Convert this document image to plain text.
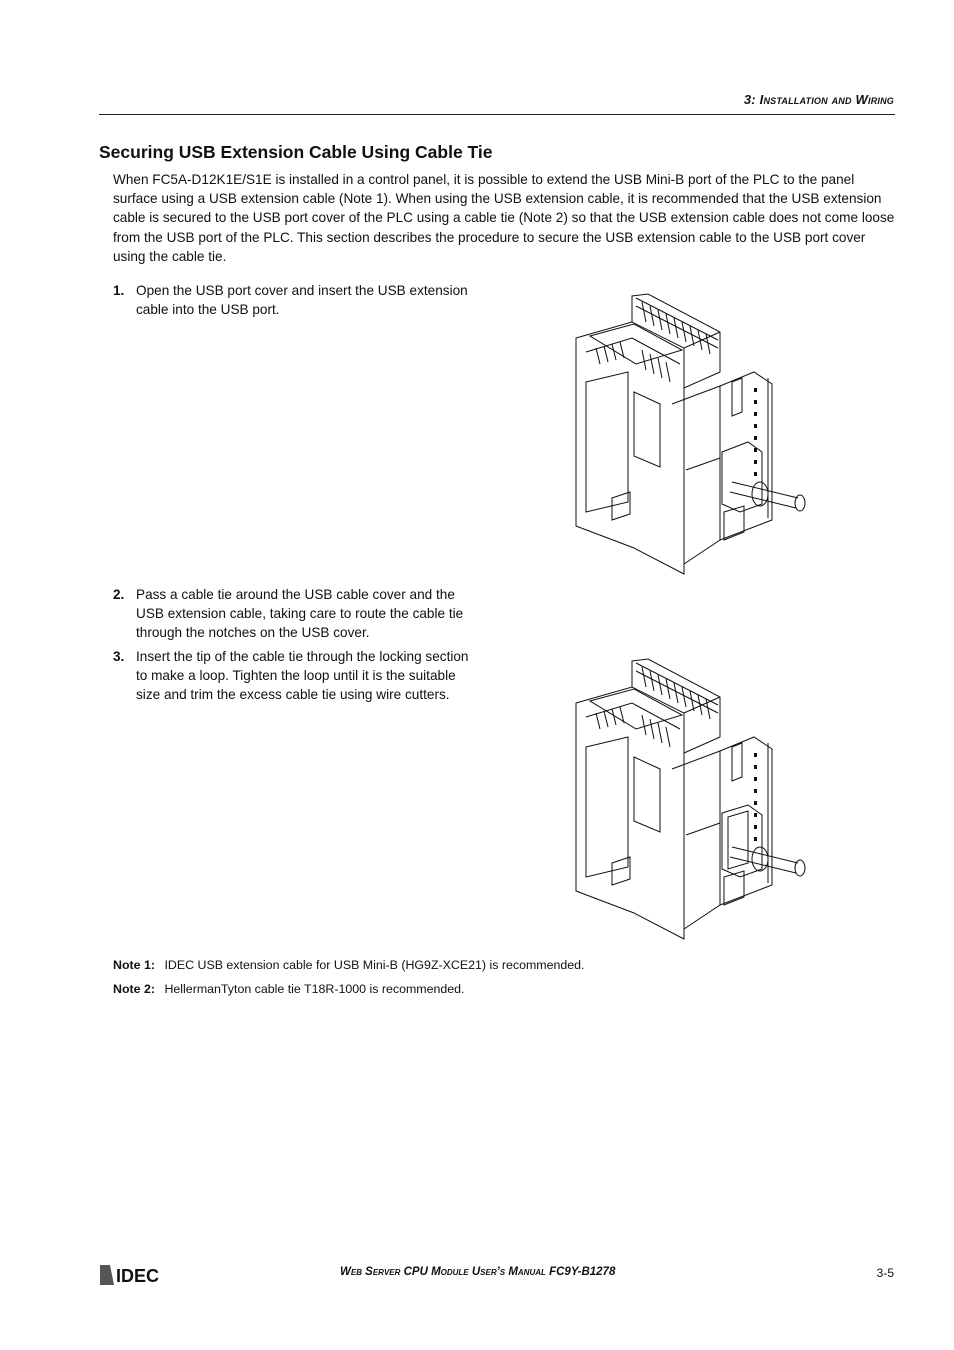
3: Installation and Wiring
Securing USB Extension Cable Using Cable Tie

When FC5A-D12K1E/S1E is installed in a control panel, it is possible to extend the USB Mini-B port of the PLC to the panel surface using a USB extension cable (Note 1). When using the USB extension cable, it is recommended that the USB extension cable is secured to the USB port cover of the PLC using a cable tie (Note 2) so that the USB extension cable does not come loose from the USB port of the PLC. This section describes the procedure to secure the USB extension cable to the USB port cover using the cable tie.

1. Open the USB port cover and insert the USB extension cable into the USB port.
2. Pass a cable tie around the USB cable cover and the USB extension cable, taking care to route the cable tie through the notches on the USB cover.
3. Insert the tip of the cable tie through the locking section to make a loop. Tighten the loop until it is the suitable size and trim the excess cable tie using wire cutters.
Note 1: IDEC USB extension cable for USB Mini-B (HG9Z-XCE21) is recommended.
Note 2: HellermanTyton cable tie T18R-1000 is recommended.
IDEC	Web Server CPU Module User’s Manual FC9Y-B1278	3-5
